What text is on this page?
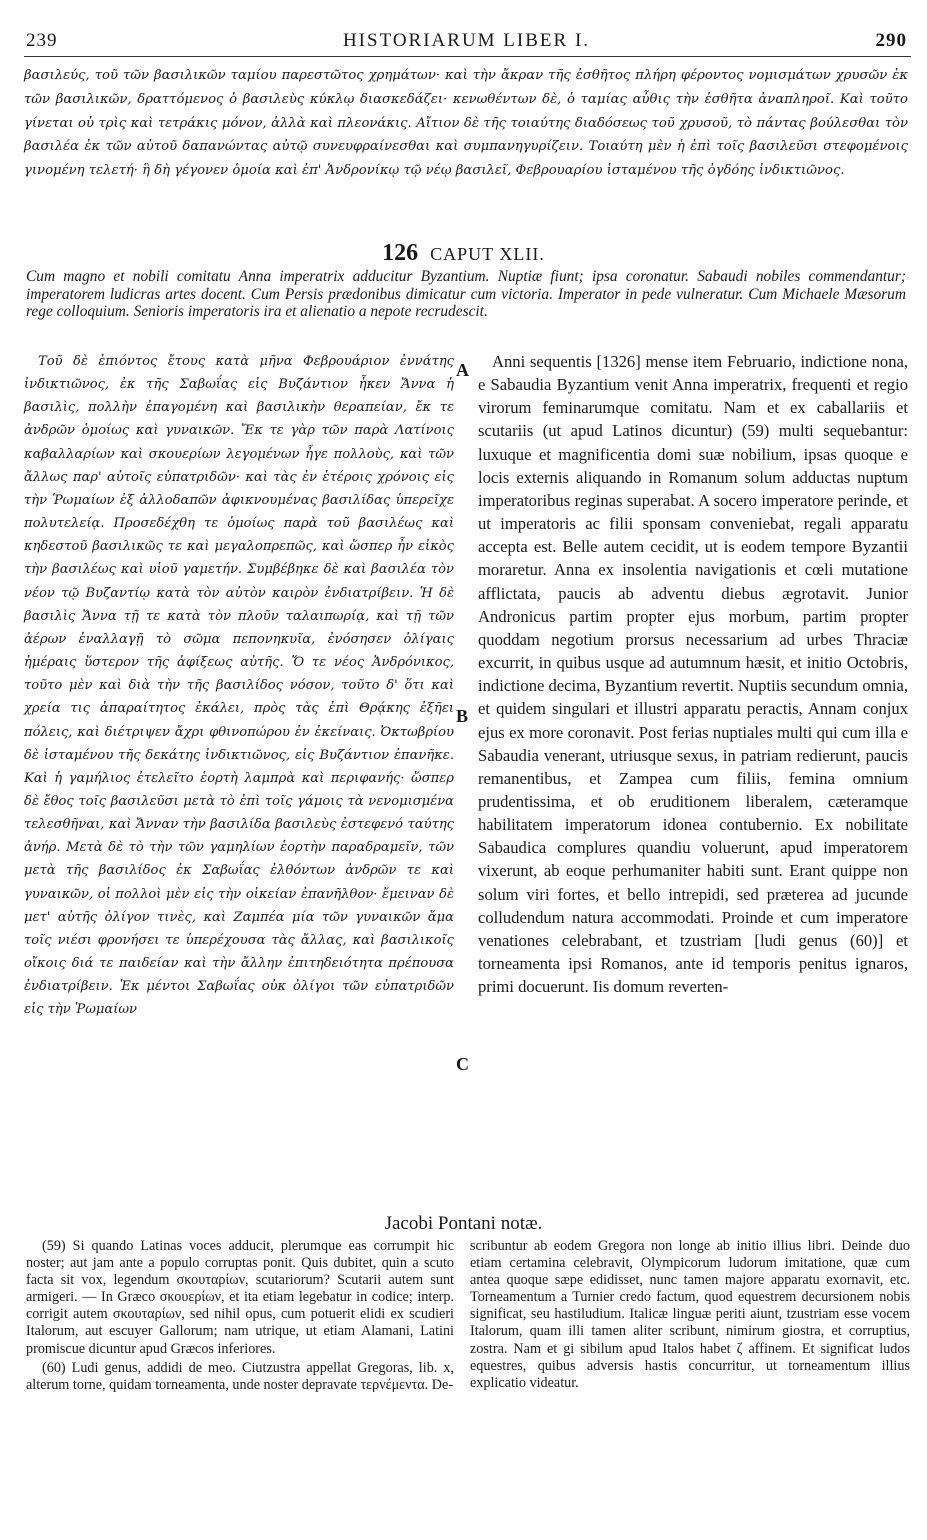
239	HISTORIARUM LIBER I.	290

βασιλεύς, τοῦ τῶν βασιλικῶν ταμίου παρεστῶτος χρημάτων· καὶ τὴν ἄκραν τῆς ἐσθῆτος πλήρη φέροντος νομισμάτων χρυσῶν ἐκ τῶν βασιλικῶν, δραττόμενος ὁ βασιλεὺς κύκλῳ διασκεδάζει· κενωθέντων δὲ, ὁ ταμίας αὖθις τὴν ἐσθῆτα ἀναπληροῖ. Καὶ τοῦτο γίνεται οὐ τρὶς καὶ τετράκις μόνον, ἀλλὰ καὶ πλεονάκις. Αἴτιον δὲ τῆς τοιαύτης διαδόσεως τοῦ χρυσοῦ, τὸ πάντας βούλεσθαι τὸν βασιλέα ἐκ τῶν αὐτοῦ δαπανώντας αὐτῷ συνευφραίνεσθαι καὶ συμπανηγυρίζειν. Τοιαύτη μὲν ἡ ἐπὶ τοῖς βασιλεῦσι στεφομένοις γινομένη τελετή· ἣ δὴ γέγονεν ὁμοία καὶ ἐπ' Ἀνδρονίκῳ τῷ νέῳ βασιλεῖ, Φεβρουαρίου ἱσταμένου τῆς ὀγδόης ἰνδικτιῶνος.

126 CAPUT XLII.

Cum magno et nobili comitatu Anna imperatrix adducitur Byzantium. Nuptiæ fiunt; ipsa coronatur. Sabaudi nobiles commendantur; imperatorem ludicras artes docent. Cum Persis prædonibus dimicatur cum victoria. Imperator in pede vulneratur. Cum Michaele Mæsorum rege colloquium. Senioris imperatoris ira et alienatio a nepote recrudescit.

Τοῦ δὲ ἐπιόντος ἔτους κατὰ μῆνα Φεβρουάριον ἐννάτης ἰνδικτιῶνος, ἐκ τῆς Σαβωΐας εἰς Βυζάντιον ἧκεν Ἄννα ἡ βασιλὶς, πολλὴν ἐπαγομένη καὶ βασιλικὴν θεραπείαν, ἔκ τε ἀνδρῶν ὁμοίως καὶ γυναικῶν. Ἔκ τε γὰρ τῶν παρὰ Λατίνοις καβαλλαρίων καὶ σκουερίων λεγομένων ἦγε πολλοὺς, καὶ τῶν ἄλλως παρ' αὐτοῖς εὐπατριδῶν· καὶ τὰς ἐν ἑτέροις χρόνοις εἰς τὴν Ῥωμαίων ἐξ ἀλλοδαπῶν ἀφικνουμένας βασιλίδας ὑπερεῖχε πολυτελείᾳ. Προσεδέχθη τε ὁμοίως παρὰ τοῦ βασιλέως καὶ κηδεστοῦ βασιλικῶς τε καὶ μεγαλοπρεπῶς, καὶ ὥσπερ ἦν εἰκὸς τὴν βασιλέως καὶ υἱοῦ γαμετήν. Συμβέβηκε δὲ καὶ βασιλέα τὸν νέον τῷ Βυζαντίῳ κατὰ τὸν αὐτὸν καιρὸν ἐνδιατρίβειν. Ἡ δὲ βασιλὶς Ἄννα τῇ τε κατὰ τὸν πλοῦν ταλαιπωρίᾳ, καὶ τῇ τῶν ἀέρων ἐναλλαγῇ τὸ σῶμα πεπονηκυῖα, ἐνόσησεν ὀλίγαις ἡμέραις ὕστερον τῆς ἀφίξεως αὐτῆς. Ὅ τε νέος Ἀνδρόνικος, τοῦτο μὲν καὶ διὰ τὴν τῆς βασιλίδος νόσον, τοῦτο δ' ὅτι καὶ χρεία τις ἀπαραίτητος ἐκάλει, πρὸς τὰς ἐπὶ Θρᾴκης ἐξῆει πόλεις, καὶ διέτριψεν ἄχρι φθινοπώρου ἐν ἐκείναις. Ὀκτωβρίου δὲ ἱσταμένου τῆς δεκάτης ἰνδικτιῶνος, εἰς Βυζάντιον ἐπανῆκε. Καὶ ἡ γαμήλιος ἐτελεῖτο ἑορτὴ λαμπρὰ καὶ περιφανής· ὥσπερ δὲ ἔθος τοῖς βασιλεῦσι μετὰ τὸ ἐπὶ τοῖς γάμοις τὰ νενομισμένα τελεσθῆναι, καὶ Ἄνναν τὴν βασιλίδα βασιλεὺς ἐστεφενό ταύτης ἀνήρ. Μετὰ δὲ τὸ τὴν τῶν γαμηλίων ἑορτὴν παραδραμεῖν, τῶν μετὰ τῆς βασιλίδος ἐκ Σαβωΐας ἐλθόντων ἀνδρῶν τε καὶ γυναικῶν, οἱ πολλοὶ μὲν εἰς τὴν οἰκείαν ἐπανῆλθον· ἔμειναν δὲ μετ' αὐτῆς ὀλίγον τινὲς, καὶ Ζαμπέα μία τῶν γυναικῶν ἅμα τοῖς νιέσι φρονήσει τε ὑπερέχουσα τὰς ἄλλας, καὶ βασιλικοῖς οἴκοις διά τε παιδείαν καὶ τὴν ἄλλην ἐπιτηδειότητα πρέπουσα ἐνδιατρίβειν. Ἐκ μέντοι Σαβωΐας οὐκ ὀλίγοι τῶν εὐπατριδῶν εἰς τὴν Ῥωμαίων

Anni sequentis [1326] mense item Februario, indictione nona, e Sabaudia Byzantium venit Anna imperatrix, frequenti et regio virorum feminarumque comitatu. Nam et ex caballariis et scutariis (ut apud Latinos dicuntur) (59) multi sequebantur: luxuque et magnificentia domi suæ nobilium, ipsas quoque e locis externis aliquando in Romanum solum adductas nuptum imperatoribus reginas superabat. A socero imperatore perinde, et ut imperatoris ac filii sponsam conveniebat, regali apparatu accepta est. Belle autem cecidit, ut is eodem tempore Byzantii moraretur. Anna ex insolentia navigationis et cœli mutatione afflictata, paucis ab adventu diebus ægrotavit. Junior Andronicus partim propter ejus morbum, partim propter quoddam negotium prorsus necessarium ad urbes Thraciæ excurrit, in quibus usque ad autumnum hæsit, et initio Octobris, indictione decima, Byzantium revertit. Nuptiis secundum omnia, et quidem singulari et illustri apparatu peractis, Annam conjux ejus ex more coronavit. Post ferias nuptiales multi qui cum illa e Sabaudia venerant, utriusque sexus, in patriam redierunt, paucis remanentibus, et Zampea cum filiis, femina omnium prudentissima, et ob eruditionem liberalem, cæteramque habilitatem imperatorum idonea contubernio. Ex nobilitate Sabaudica complures quandiu voluerunt, apud imperatorem vixerunt, ab eoque perhumaniter habiti sunt. Erant quippe non solum viri fortes, et bello intrepidi, sed præterea ad jucunde colludendum natura accommodati. Proinde et cum imperatore venationes celebrabant, et tzustriam [ludi genus (60)] et torneamenta ipsi Romanos, ante id temporis penitus ignaros, primi docuerunt. Iis domum reverten-

A
B
C
Jacobi Pontani notæ.

(59) Si quando Latinas voces adducit, plerumque eas corrumpit hic noster; aut jam ante a populo corruptas ponit. Quis dubitet, quin a scuto facta sit vox, legendum σκουταρίων, scutariorum? Scutarii autem sunt armigeri. — In Græco σκουερίων, et ita etiam legebatur in codice; interp. corrigit autem σκουταρίων, sed nihil opus, cum potuerit elidi ex scudieri Italorum, aut escuyer Gallorum; nam utrique, ut etiam Alamani, Latini promiscue dicuntur apud Græcos inferiores.

(60) Ludi genus, addidi de meo. Ciutzustra appellat Gregoras, lib. x, alterum torne, quidam torneamenta, unde noster depravate τερνέμεντα. De-

scribuntur ab eodem Gregora non longe ab initio illius libri. Deinde duo etiam certamina celebravit, Olympicorum ludorum imitatione, quæ cum antea quoque sæpe edidisset, nunc tamen majore apparatu exornavit, etc. Torneamentum a Turnier credo factum, quod equestrem decursionem nobis significat, seu hastiludium. Italicæ linguæ periti aiunt, tzustriam esse vocem Italorum, quam illi tamen aliter scribunt, nimirum giostra, et corruptius, zostra. Nam et gi sibilum apud Italos habet ζ affinem. Et significat ludos equestres, quibus adversis hastis concurritur, ut torneamentum illius explicatio videatur.
